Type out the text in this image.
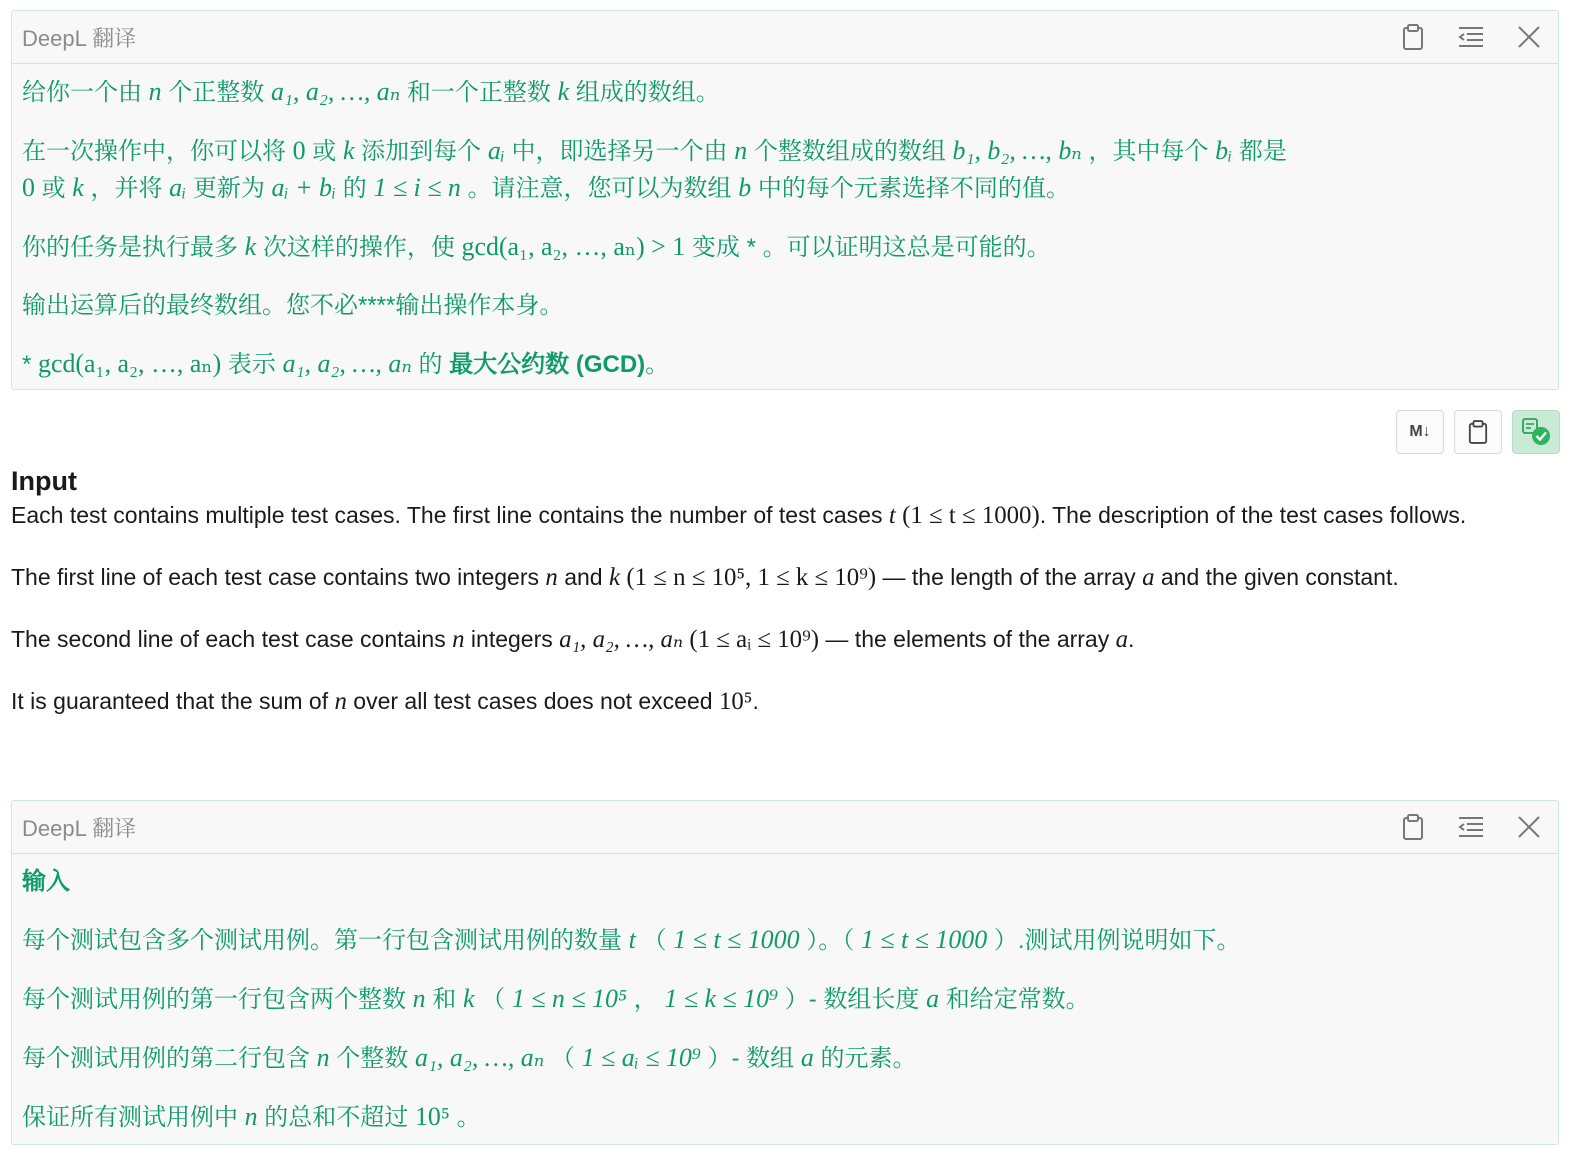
DeepL 翻译

给你一个由 n 个正整数 a₁, a₂, …, aₙ 和一个正整数 k 组成的数组。

在一次操作中，你可以将 0 或 k 添加到每个 aᵢ 中，即选择另一个由 n 个整数组成的数组 b₁, b₂, …, bₙ ，其中每个 bᵢ 都是
0 或 k ，并将 aᵢ 更新为 aᵢ + bᵢ 的 1 ≤ i ≤ n 。请注意，您可以为数组 b 中的每个元素选择不同的值。

你的任务是执行最多 k 次这样的操作，使 gcd(a₁, a₂, …, aₙ) > 1 变成 * 。可以证明这总是可能的。

输出运算后的最终数组。您不必****输出操作本身。

* gcd(a₁, a₂, …, aₙ) 表示 a₁, a₂, …, aₙ 的 最大公约数 (GCD)。

M↓
Input

Each test contains multiple test cases. The first line contains the number of test cases t (1 ≤ t ≤ 1000). The description of the test cases follows.

The first line of each test case contains two integers n and k (1 ≤ n ≤ 10⁵, 1 ≤ k ≤ 10⁹) — the length of the array a and the given constant.

The second line of each test case contains n integers a₁, a₂, …, aₙ (1 ≤ aᵢ ≤ 10⁹) — the elements of the array a.

It is guaranteed that the sum of n over all test cases does not exceed 10⁵.

DeepL 翻译

输入

每个测试包含多个测试用例。第一行包含测试用例的数量 t （ 1 ≤ t ≤ 1000 ）。（ 1 ≤ t ≤ 1000 ）.测试用例说明如下。

每个测试用例的第一行包含两个整数 n 和 k （ 1 ≤ n ≤ 10⁵ ， 1 ≤ k ≤ 10⁹ ）- 数组长度 a 和给定常数。

每个测试用例的第二行包含 n 个整数 a₁, a₂, …, aₙ （ 1 ≤ aᵢ ≤ 10⁹ ）- 数组 a 的元素。

保证所有测试用例中 n 的总和不超过 10⁵ 。
